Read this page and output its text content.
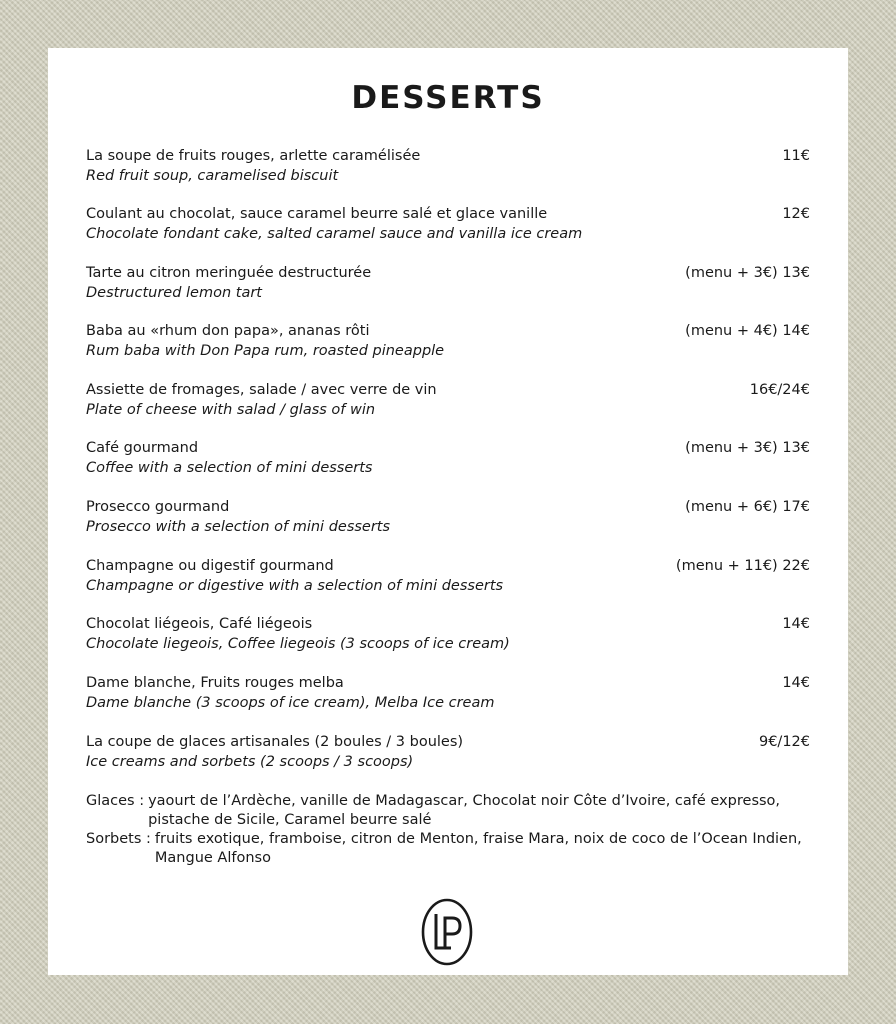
DESSERTS
La soupe de fruits rouges, arlette caramélisée	11€
Red fruit soup, caramelised biscuit
Coulant au chocolat, sauce caramel beurre salé et glace vanille	12€
Chocolate fondant cake, salted caramel sauce and vanilla ice cream
Tarte au citron meringuée destructurée	(menu + 3€) 13€
Destructured lemon tart
Baba au «rhum don papa», ananas rôti	(menu + 4€) 14€
Rum baba with Don Papa rum, roasted pineapple
Assiette de fromages, salade / avec verre de vin	16€/24€
Plate of cheese with salad / glass of win
Café gourmand	(menu + 3€) 13€
Coffee with a selection of mini desserts
Prosecco gourmand	(menu + 6€) 17€
Prosecco with a selection of mini desserts
Champagne ou digestif gourmand	(menu + 11€) 22€
Champagne or digestive with a selection of mini desserts
Chocolat liégeois, Café liégeois	14€
Chocolate liegeois, Coffee liegeois (3 scoops of ice cream)
Dame blanche, Fruits rouges melba	14€
Dame blanche (3 scoops of ice cream), Melba Ice cream
La coupe de glaces artisanales (2 boules / 3 boules)	9€/12€
Ice creams and sorbets (2 scoops / 3 scoops)
Glaces : yaourt de l’Ardèche, vanille de Madagascar, Chocolat noir Côte d’Ivoire, café expresso, pistache de Sicile, Caramel beurre salé
Sorbets : fruits exotique, framboise, citron de Menton, fraise Mara, noix de coco de l’Ocean Indien, Mangue Alfonso
